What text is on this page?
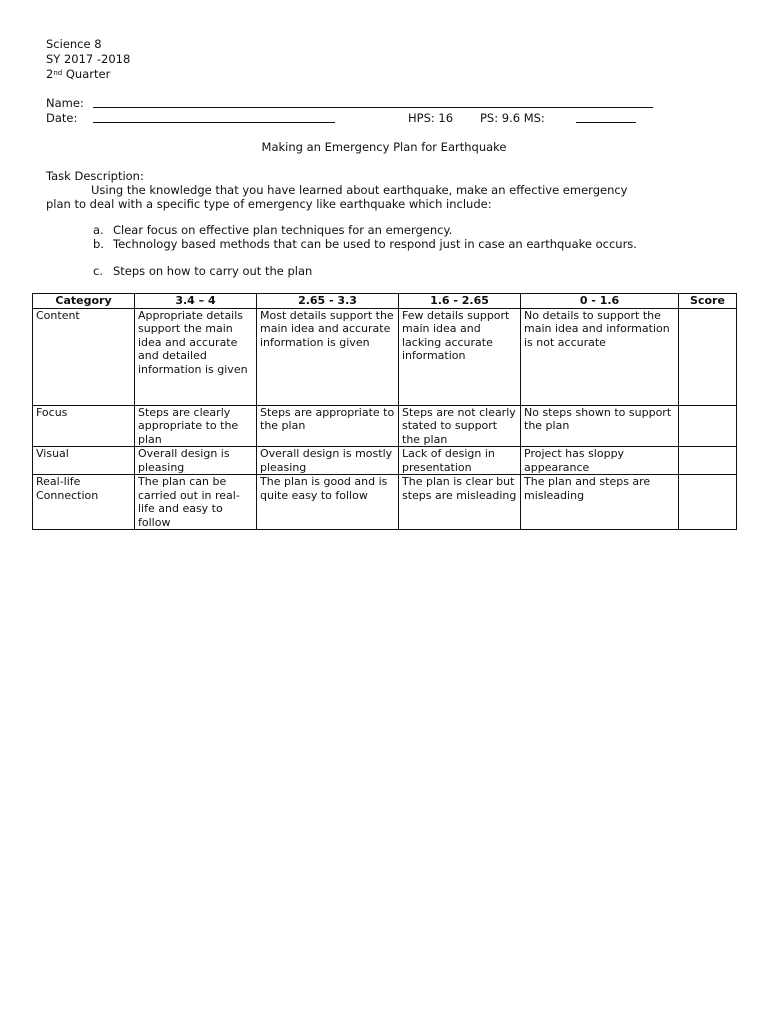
Science 8
SY 2017 -2018
2nd Quarter
Name:
Date:	HPS: 16 PS: 9.6 MS:
Making an Emergency Plan for Earthquake
Task Description:
Using the knowledge that you have learned about earthquake, make an effective emergency
plan to deal with a specific type of emergency like earthquake which include:
a. Clear focus on effective plan techniques for an emergency.
b. Technology based methods that can be used to respond just in case an earthquake occurs.
c. Steps on how to carry out the plan
Category	3.4 – 4	2.65 - 3.3	1.6 - 2.65	0 - 1.6	Score
Content	Appropriate details support the main idea and accurate and detailed information is given	Most details support the main idea and accurate information is given	Few details support main idea and lacking accurate information	No details to support the main idea and information is not accurate	
Focus	Steps are clearly appropriate to the plan	Steps are appropriate to the plan	Steps are not clearly stated to support the plan	No steps shown to support the plan	
Visual	Overall design is pleasing	Overall design is mostly pleasing	Lack of design in presentation	Project has sloppy appearance	
Real-life Connection	The plan can be carried out in real-life and easy to follow	The plan is good and is quite easy to follow	The plan is clear but steps are misleading	The plan and steps are misleading	
